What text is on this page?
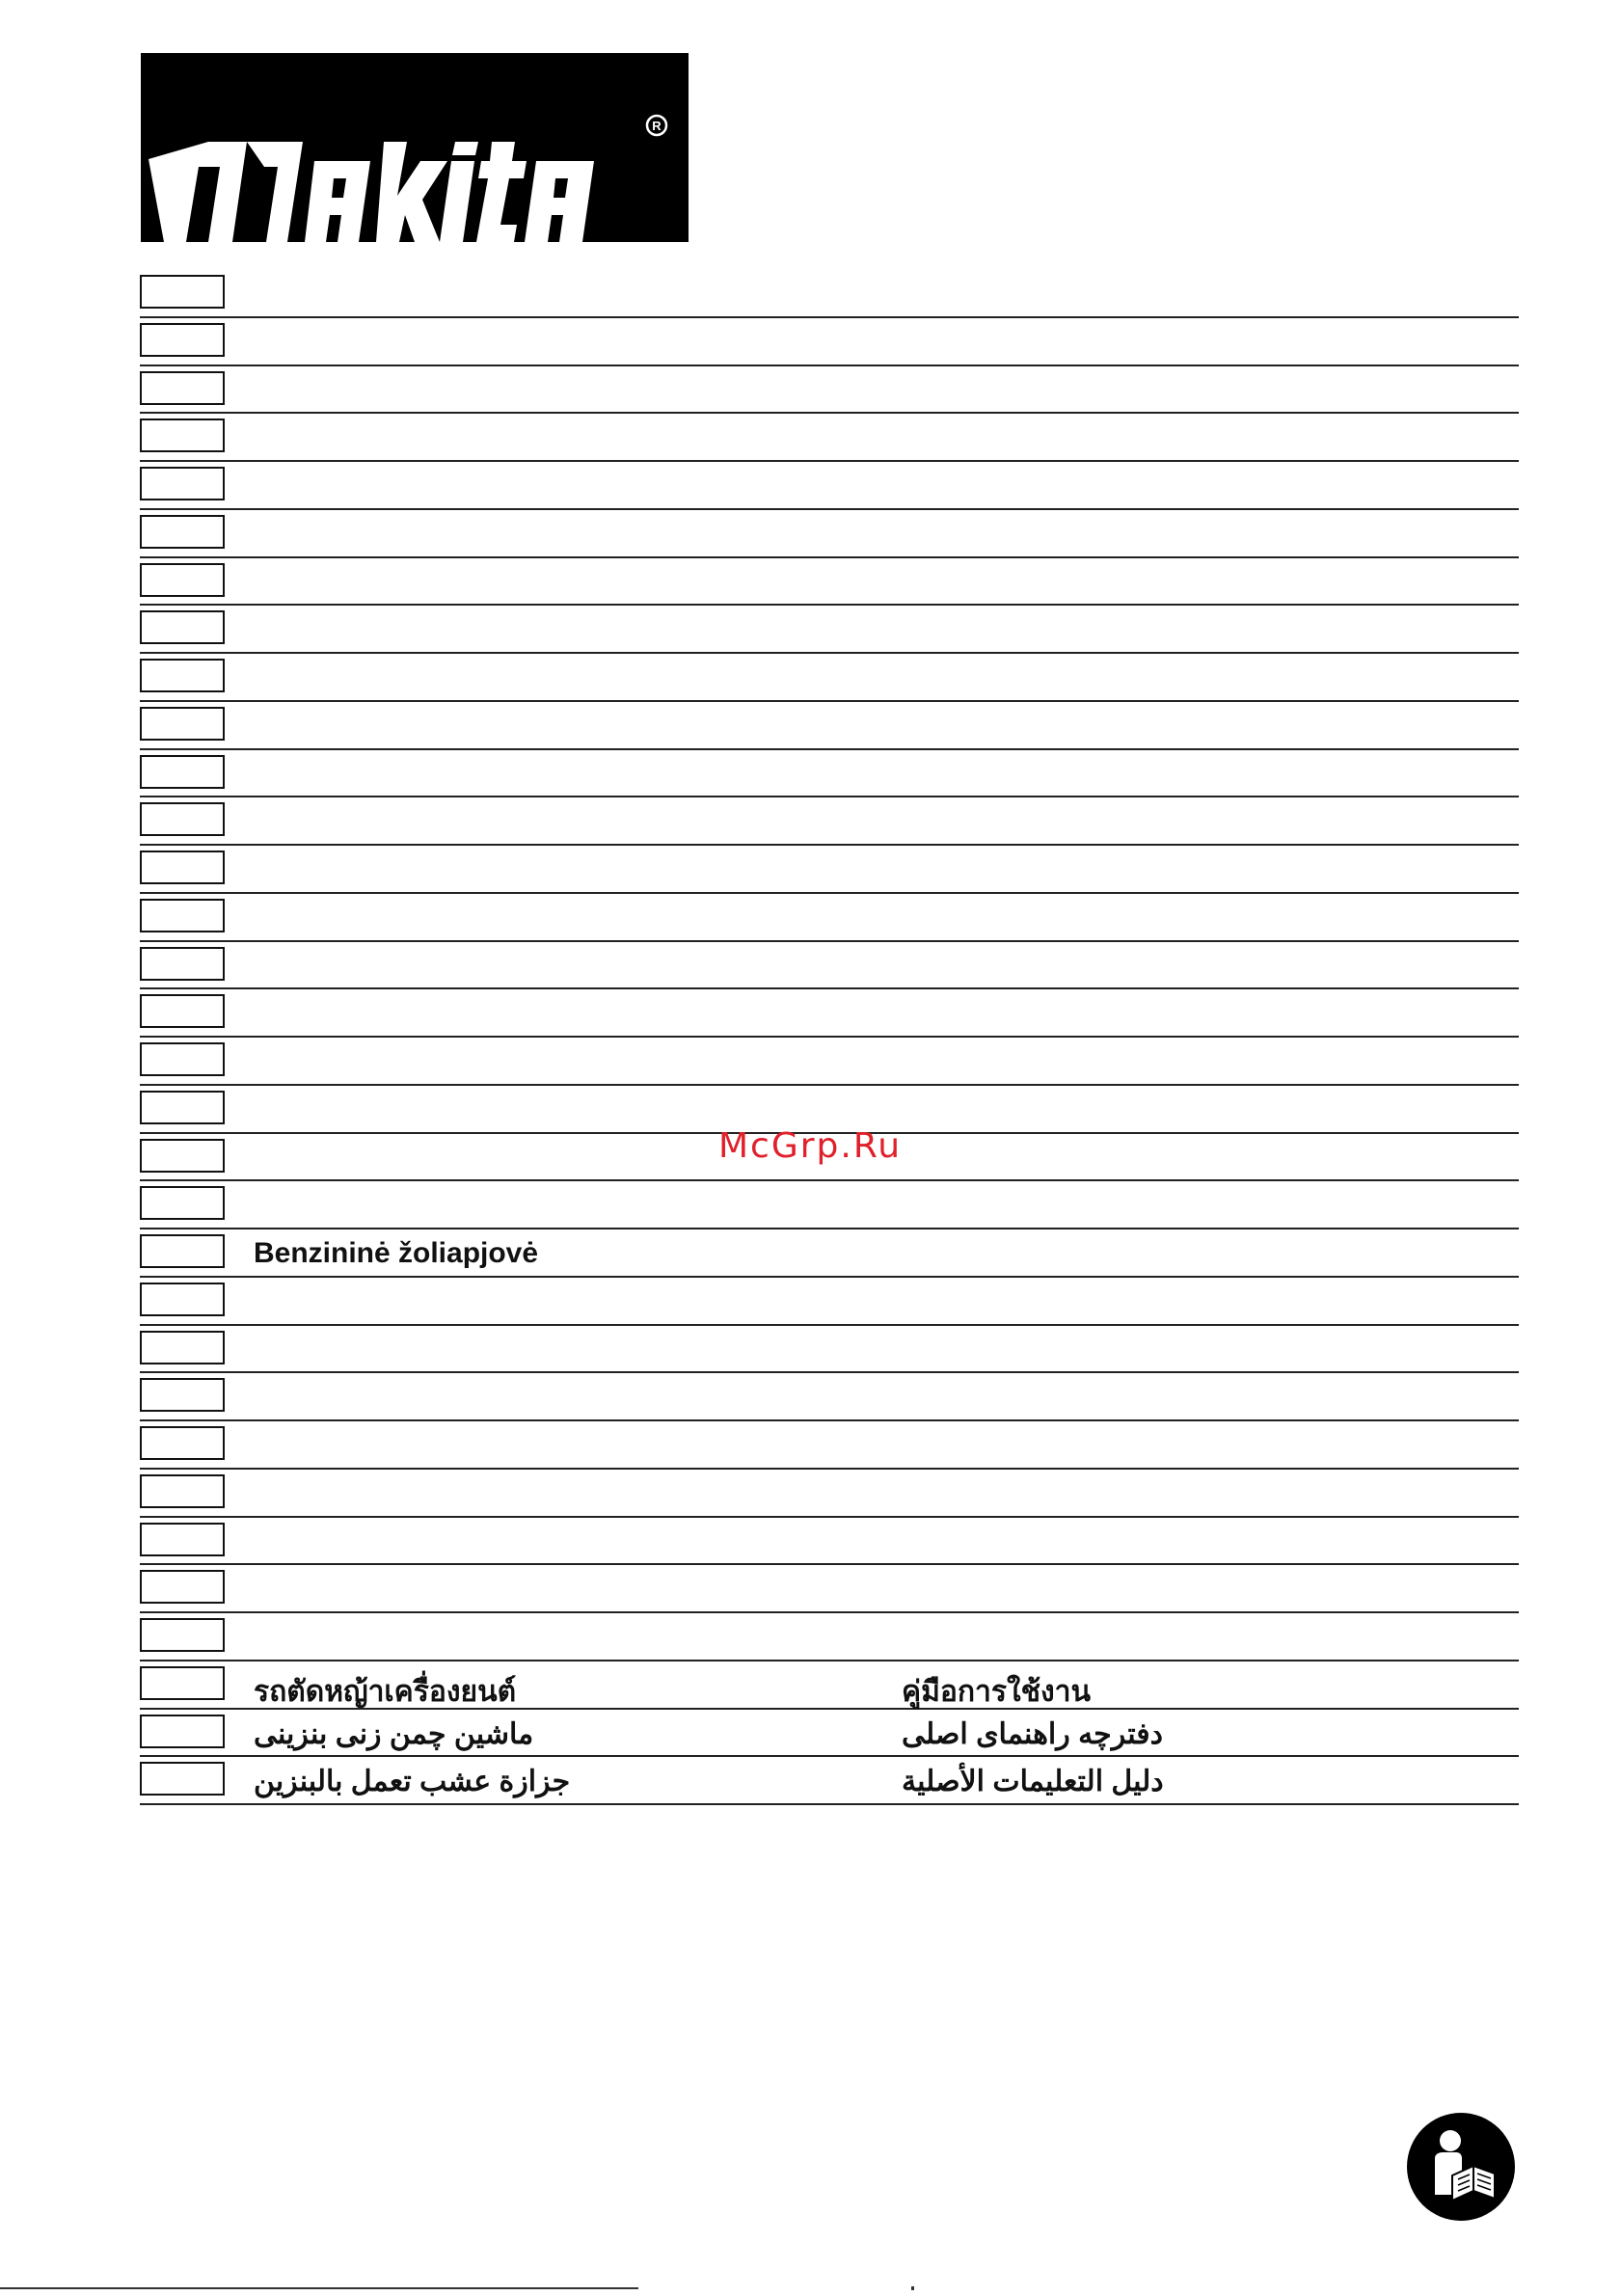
R
Benzininė žoliapjovė
รถตัดหญ้าเครื่องยนต์	คู่มือการใช้งาน
ماشین چمن زنی بنزینی	دفترچه راهنمای اصلی
جزازة عشب تعمل بالبنزين	دليل التعليمات الأصلية
McGrp.Ru
